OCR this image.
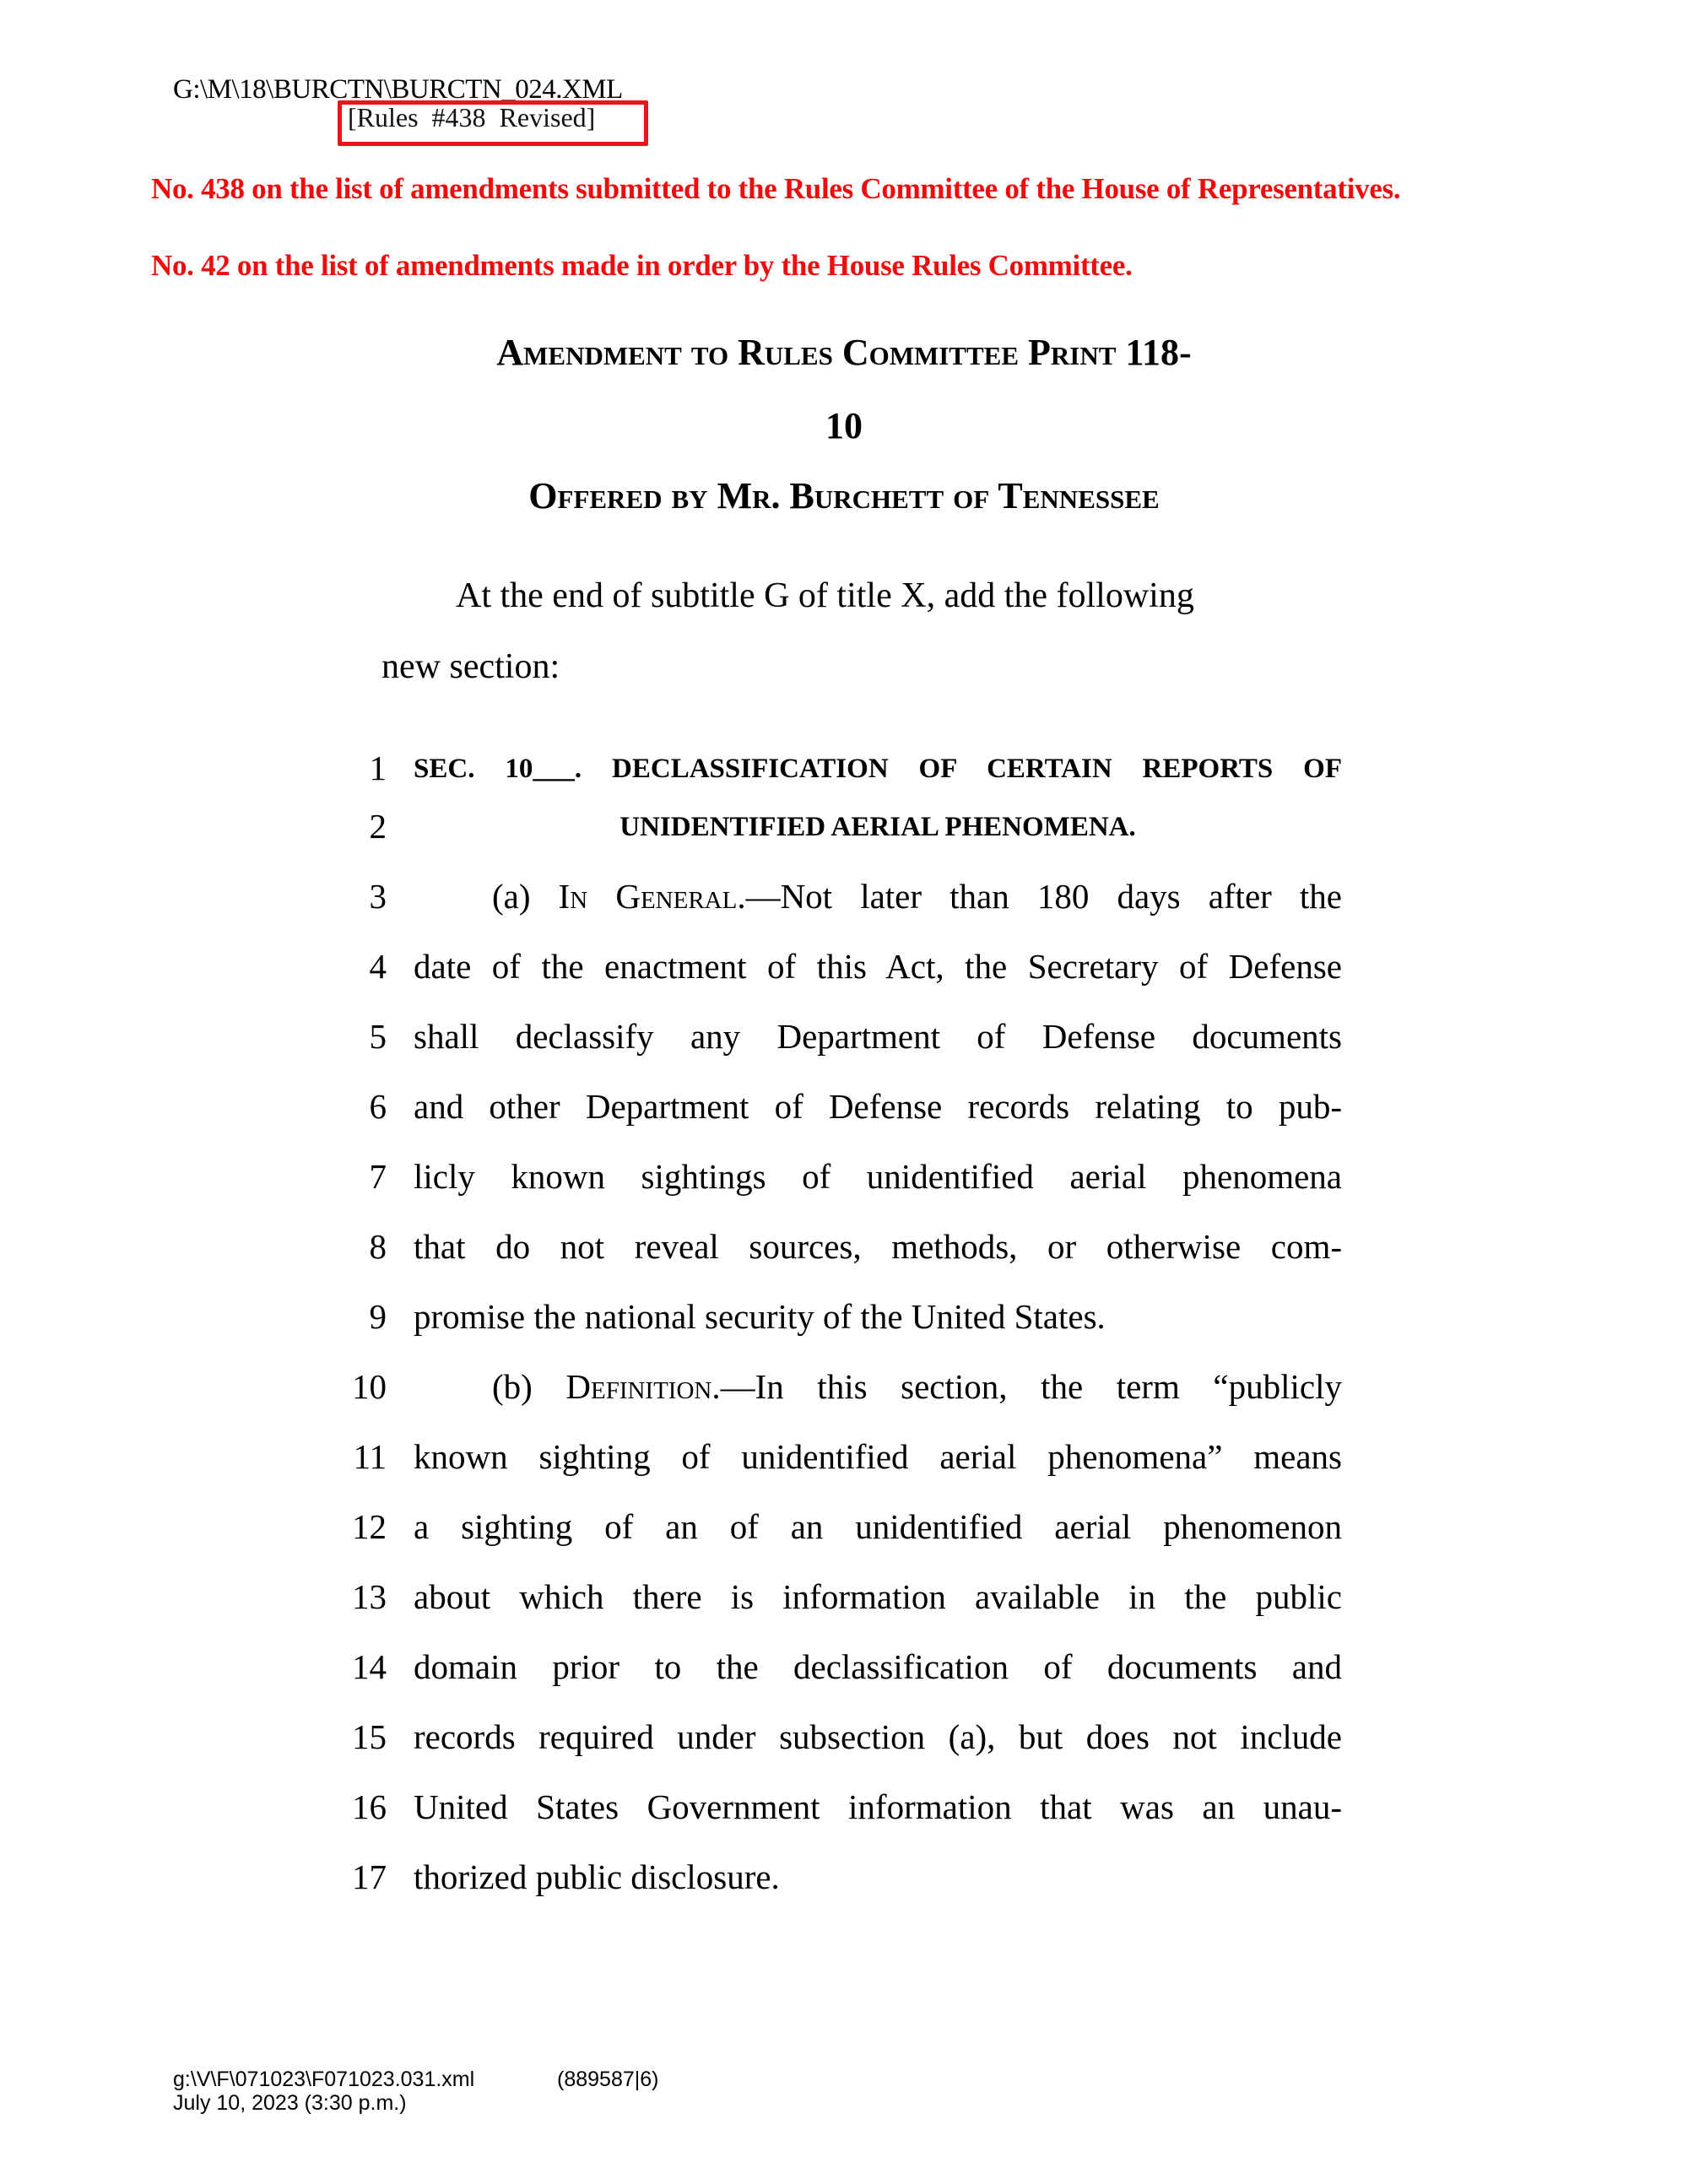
G:\M\18\BURCTN\BURCTN_024.XML
[Rules #438 Revised]
No. 438 on the list of amendments submitted to the Rules Committee of the House of Representatives.
No. 42 on the list of amendments made in order by the House Rules Committee.
Amendment to Rules Committee Print 118-
10
Offered by Mr. Burchett of Tennessee
At the end of subtitle G of title X, add the following
new section:
1 SEC. 10___. DECLASSIFICATION OF CERTAIN REPORTS OF
2	UNIDENTIFIED AERIAL PHENOMENA.
3	(a) In General.—Not later than 180 days after the
4 date of the enactment of this Act, the Secretary of Defense
5 shall declassify any Department of Defense documents
6 and other Department of Defense records relating to pub-
7 licly known sightings of unidentified aerial phenomena
8 that do not reveal sources, methods, or otherwise com-
9 promise the national security of the United States.
10	(b) Definition.—In this section, the term “publicly
11 known sighting of unidentified aerial phenomena” means
12 a sighting of an of an unidentified aerial phenomenon
13 about which there is information available in the public
14 domain prior to the declassification of documents and
15 records required under subsection (a), but does not include
16 United States Government information that was an unau-
17 thorized public disclosure.
g:\V\F\071023\F071023.031.xml	(889587|6)
July 10, 2023 (3:30 p.m.)
